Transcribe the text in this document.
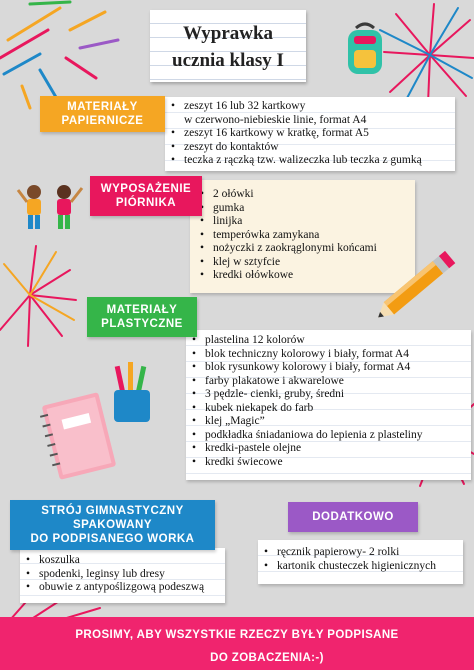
Wyprawka
ucznia klasy I
• zeszyt 16 lub 32 kartkowy
w czerwono-niebieskie linie, format A4
• zeszyt 16 kartkowy w kratkę, format A5
• zeszyt do kontaktów
• teczka z rączką tzw. walizeczka lub teczka z gumką
MATERIAŁY
PAPIERNICZE
• 2 ołówki
• gumka
• linijka
• temperówka zamykana
• nożyczki z zaokrąglonymi końcami
• klej w sztyfcie
• kredki ołówkowe
WYPOSAŻENIE
PIÓRNIKA
• plastelina 12 kolorów
• blok techniczny kolorowy i biały, format A4
• blok rysunkowy kolorowy i biały, format A4
• farby plakatowe i akwarelowe
• 3 pędzle- cienki, gruby, średni
• kubek niekapek do farb
• klej „Magic”
• podkładka śniadaniowa do lepienia z plasteliny
• kredki-pastele olejne
• kredki świecowe
MATERIAŁY
PLASTYCZNE
• koszulka
• spodenki, leginsy lub dresy
• obuwie z antypoślizgową podeszwą
STRÓJ GIMNASTYCZNY
SPAKOWANY
DO PODPISANEGO WORKA
• ręcznik papierowy- 2 rolki
• kartonik chusteczek higienicznych
DODATKOWO
PROSIMY, ABY WSZYSTKIE RZECZY BYŁY PODPISANE
DO ZOBACZENIA:-)
